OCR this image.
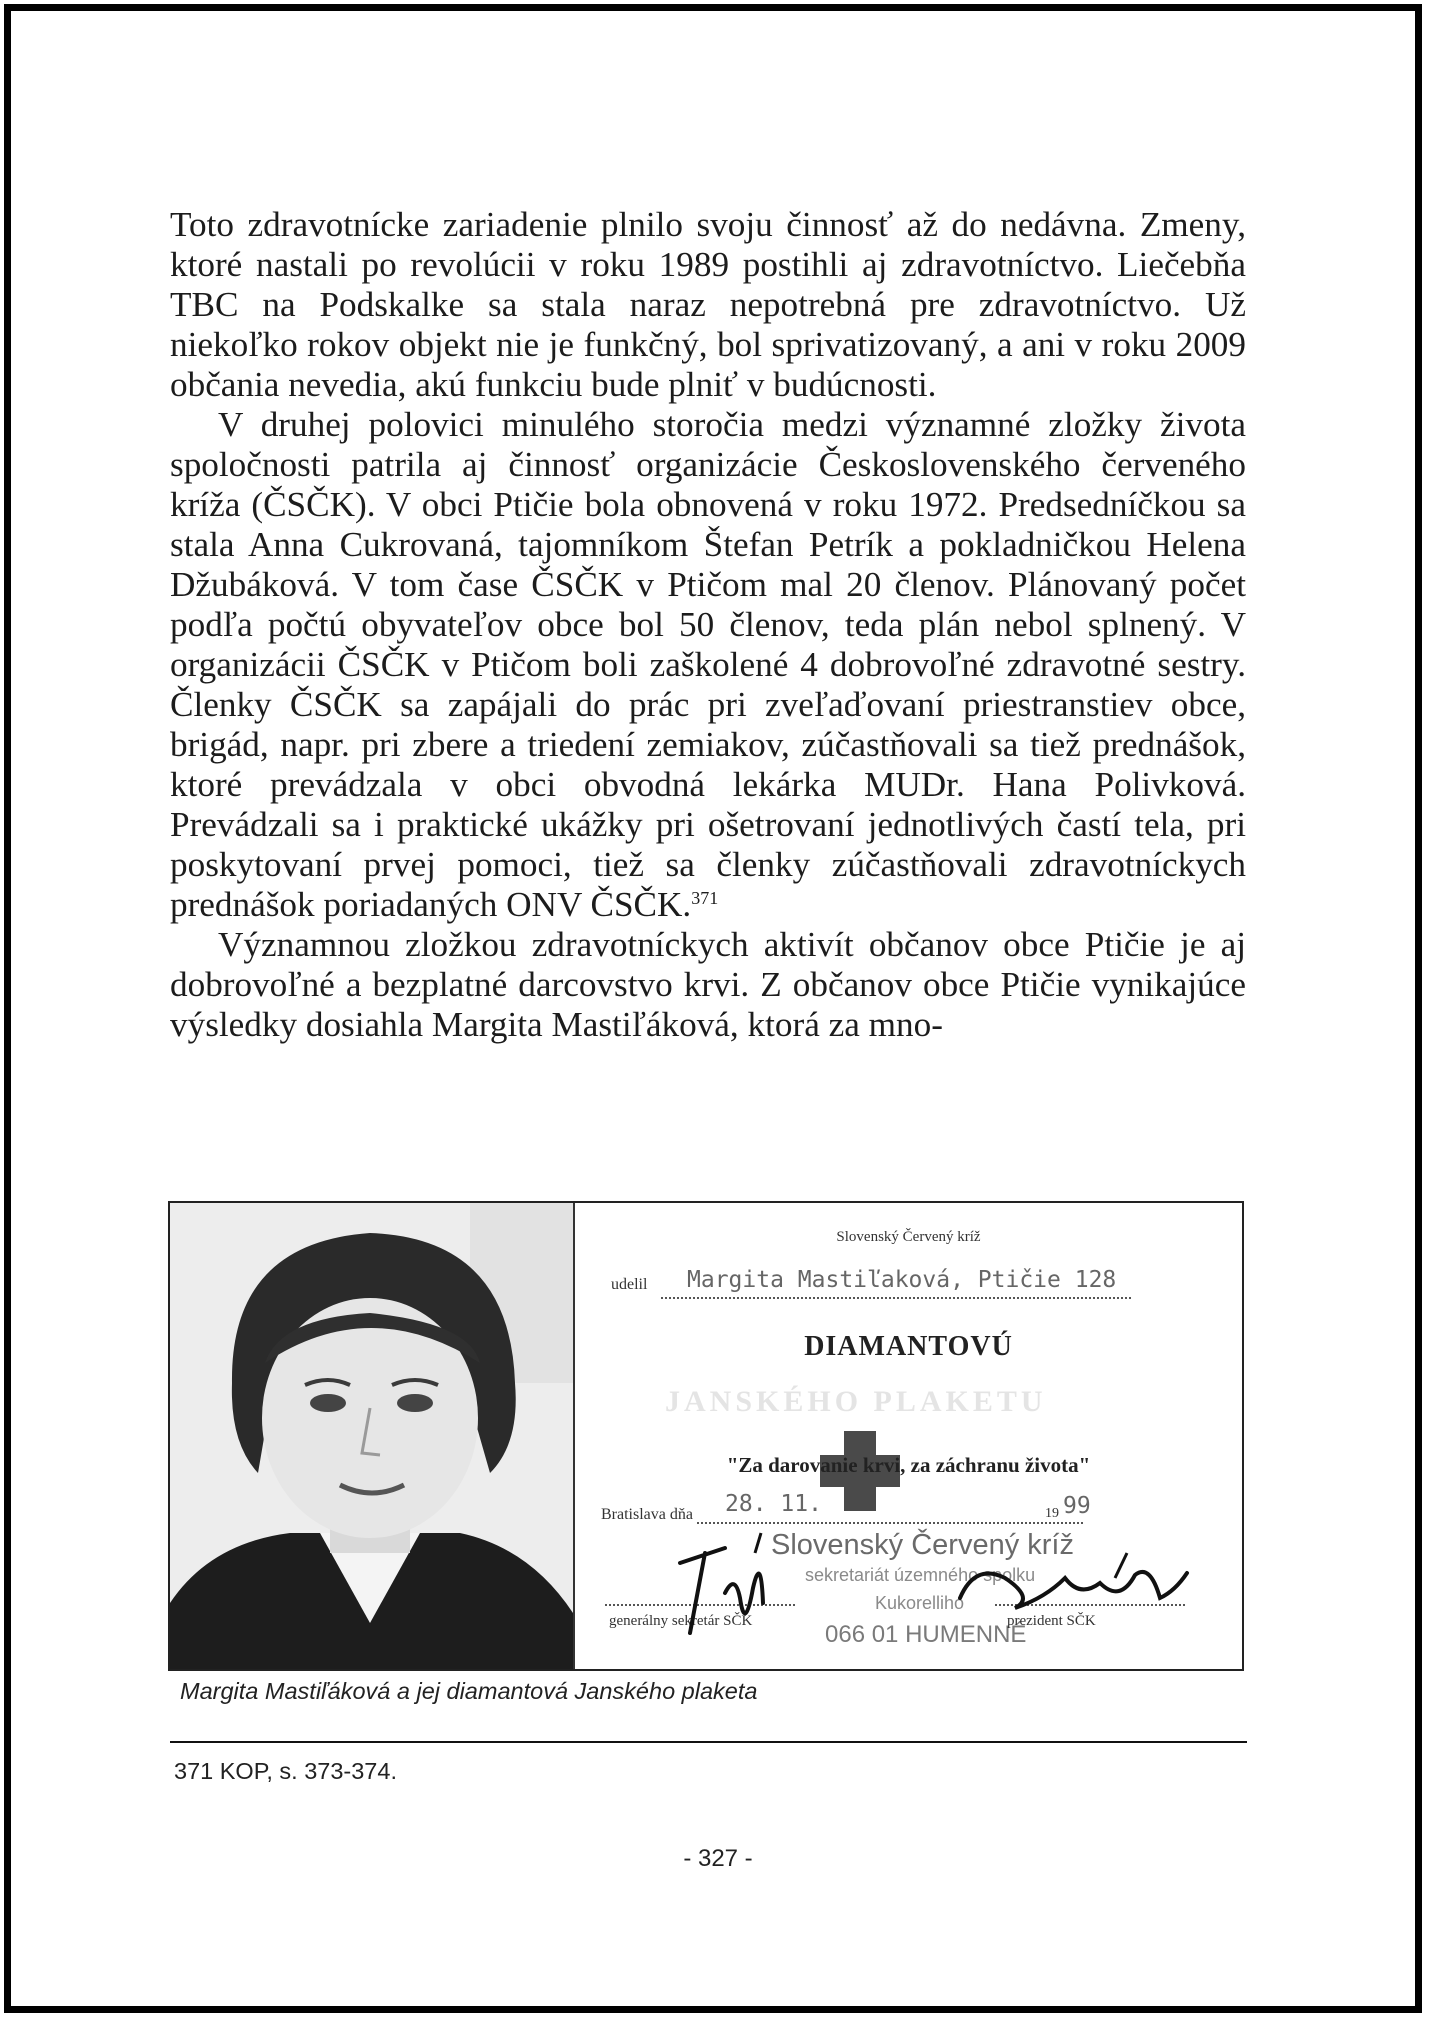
Toto zdravotnícke zariadenie plnilo svoju činnosť až do nedávna. Zmeny, ktoré nastali po revolúcii v roku 1989 postihli aj zdravotníctvo. Liečebňa TBC na Podskalke sa stala naraz nepotrebná pre zdravotníctvo. Už niekoľko rokov objekt nie je funkčný, bol sprivatizovaný, a ani v roku 2009 občania nevedia, akú funkciu bude plniť v budúcnosti.

V druhej polovici minulého storočia medzi významné zložky života spoločnosti patrila aj činnosť organizácie Československého červeného kríža (ČSČK). V obci Ptičie bola obnovená v roku 1972. Predsedníčkou sa stala Anna Cukrovaná, tajomníkom Štefan Petrík a pokladničkou Helena Džubáková. V tom čase ČSČK v Ptičom mal 20 členov. Plánovaný počet podľa počtú obyvateľov obce bol 50 členov, teda plán nebol splnený. V organizácii ČSČK v Ptičom boli zaškolené 4 dobrovoľné zdravotné sestry. Členky ČSČK sa zapájali do prác pri zveľaďovaní priestranstiev obce, brigád, napr. pri zbere a triedení zemiakov, zúčastňovali sa tiež prednášok, ktoré prevádzala v obci obvodná lekárka MUDr. Hana Polivková. Prevádzali sa i praktické ukážky pri ošetrovaní jednotlivých častí tela, pri poskytovaní prvej pomoci, tiež sa členky zúčastňovali zdravotníckych prednášok poriadaných ONV ČSČK.$^{371}$

Významnou zložkou zdravotníckych aktivít občanov obce Ptičie je aj dobrovoľné a bezplatné darcovstvo krvi. Z občanov obce Ptičie vynikajúce výsledky dosiahla Margita Mastiľáková, ktorá za mno-

Slovenský Červený kríž
udelil Margita Mastiľaková, Ptičie 128
JANSKÉHO PLAKETU
DIAMANTOVÚ
"Za darovanie krvi, za záchranu života"
Bratislava dňa 28. 11.	19 99
Slovenský Červený kríž
sekretariát územného spolku
Kukorelliho
066 01 HUMENNÉ
generálny sekretár SČK	prezident SČK
Margita Mastiľáková a jej diamantová Janského plaketa
371 KOP, s. 373-374.
- 327 -
